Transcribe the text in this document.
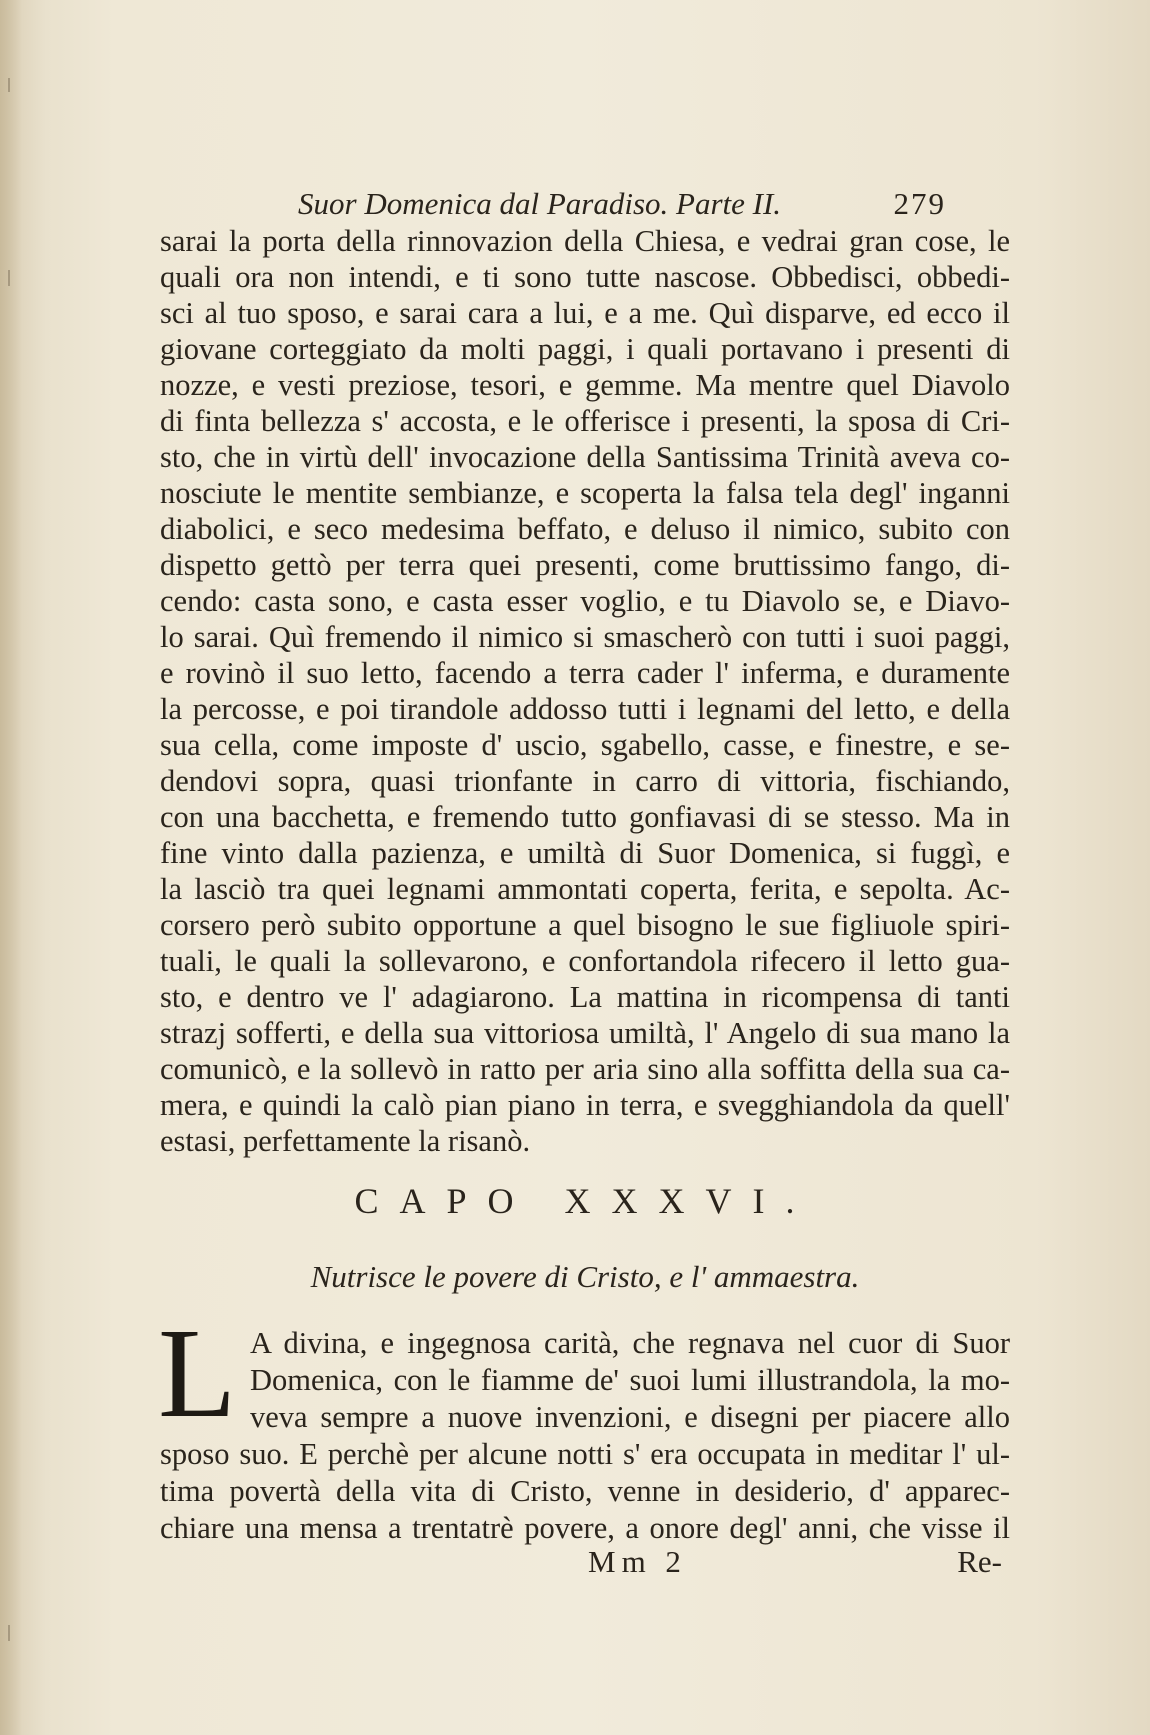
Suor Domenica dal Paradiso. Parte II.	279
sarai la porta della rinnovazion della Chiesa, e vedrai gran cose, le
quali ora non intendi, e ti sono tutte nascose. Obbedisci, obbedi-
sci al tuo sposo, e sarai cara a lui, e a me. Quì disparve, ed ecco il
giovane corteggiato da molti paggi, i quali portavano i presenti di
nozze, e vesti preziose, tesori, e gemme. Ma mentre quel Diavolo
di finta bellezza s' accosta, e le offerisce i presenti, la sposa di Cri-
sto, che in virtù dell' invocazione della Santissima Trinità aveva co-
nosciute le mentite sembianze, e scoperta la falsa tela degl' inganni
diabolici, e seco medesima beffato, e deluso il nimico, subito con
dispetto gettò per terra quei presenti, come bruttissimo fango, di-
cendo: casta sono, e casta esser voglio, e tu Diavolo se, e Diavo-
lo sarai. Quì fremendo il nimico si smascherò con tutti i suoi paggi,
e rovinò il suo letto, facendo a terra cader l' inferma, e duramente
la percosse, e poi tirandole addosso tutti i legnami del letto, e della
sua cella, come imposte d' uscio, sgabello, casse, e finestre, e se-
dendovi sopra, quasi trionfante in carro di vittoria, fischiando,
con una bacchetta, e fremendo tutto gonfiavasi di se stesso. Ma in
fine vinto dalla pazienza, e umiltà di Suor Domenica, si fuggì, e
la lasciò tra quei legnami ammontati coperta, ferita, e sepolta. Ac-
corsero però subito opportune a quel bisogno le sue figliuole spiri-
tuali, le quali la sollevarono, e confortandola rifecero il letto gua-
sto, e dentro ve l' adagiarono. La mattina in ricompensa di tanti
strazj sofferti, e della sua vittoriosa umiltà, l' Angelo di sua mano la
comunicò, e la sollevò in ratto per aria sino alla soffitta della sua ca-
mera, e quindi la calò pian piano in terra, e svegghiandola da quell'
estasi, perfettamente la risanò.
CAPO XXXVI.
Nutrisce le povere di Cristo, e l' ammaestra.
L A divina, e ingegnosa carità, che regnava nel cuor di Suor
Domenica, con le fiamme de' suoi lumi illustrandola, la mo-
veva sempre a nuove invenzioni, e disegni per piacere allo
sposo suo. E perchè per alcune notti s' era occupata in meditar l' ul-
tima povertà della vita di Cristo, venne in desiderio, d' apparec-
chiare una mensa a trentatrè povere, a onore degl' anni, che visse il
Mm 2	Re-
